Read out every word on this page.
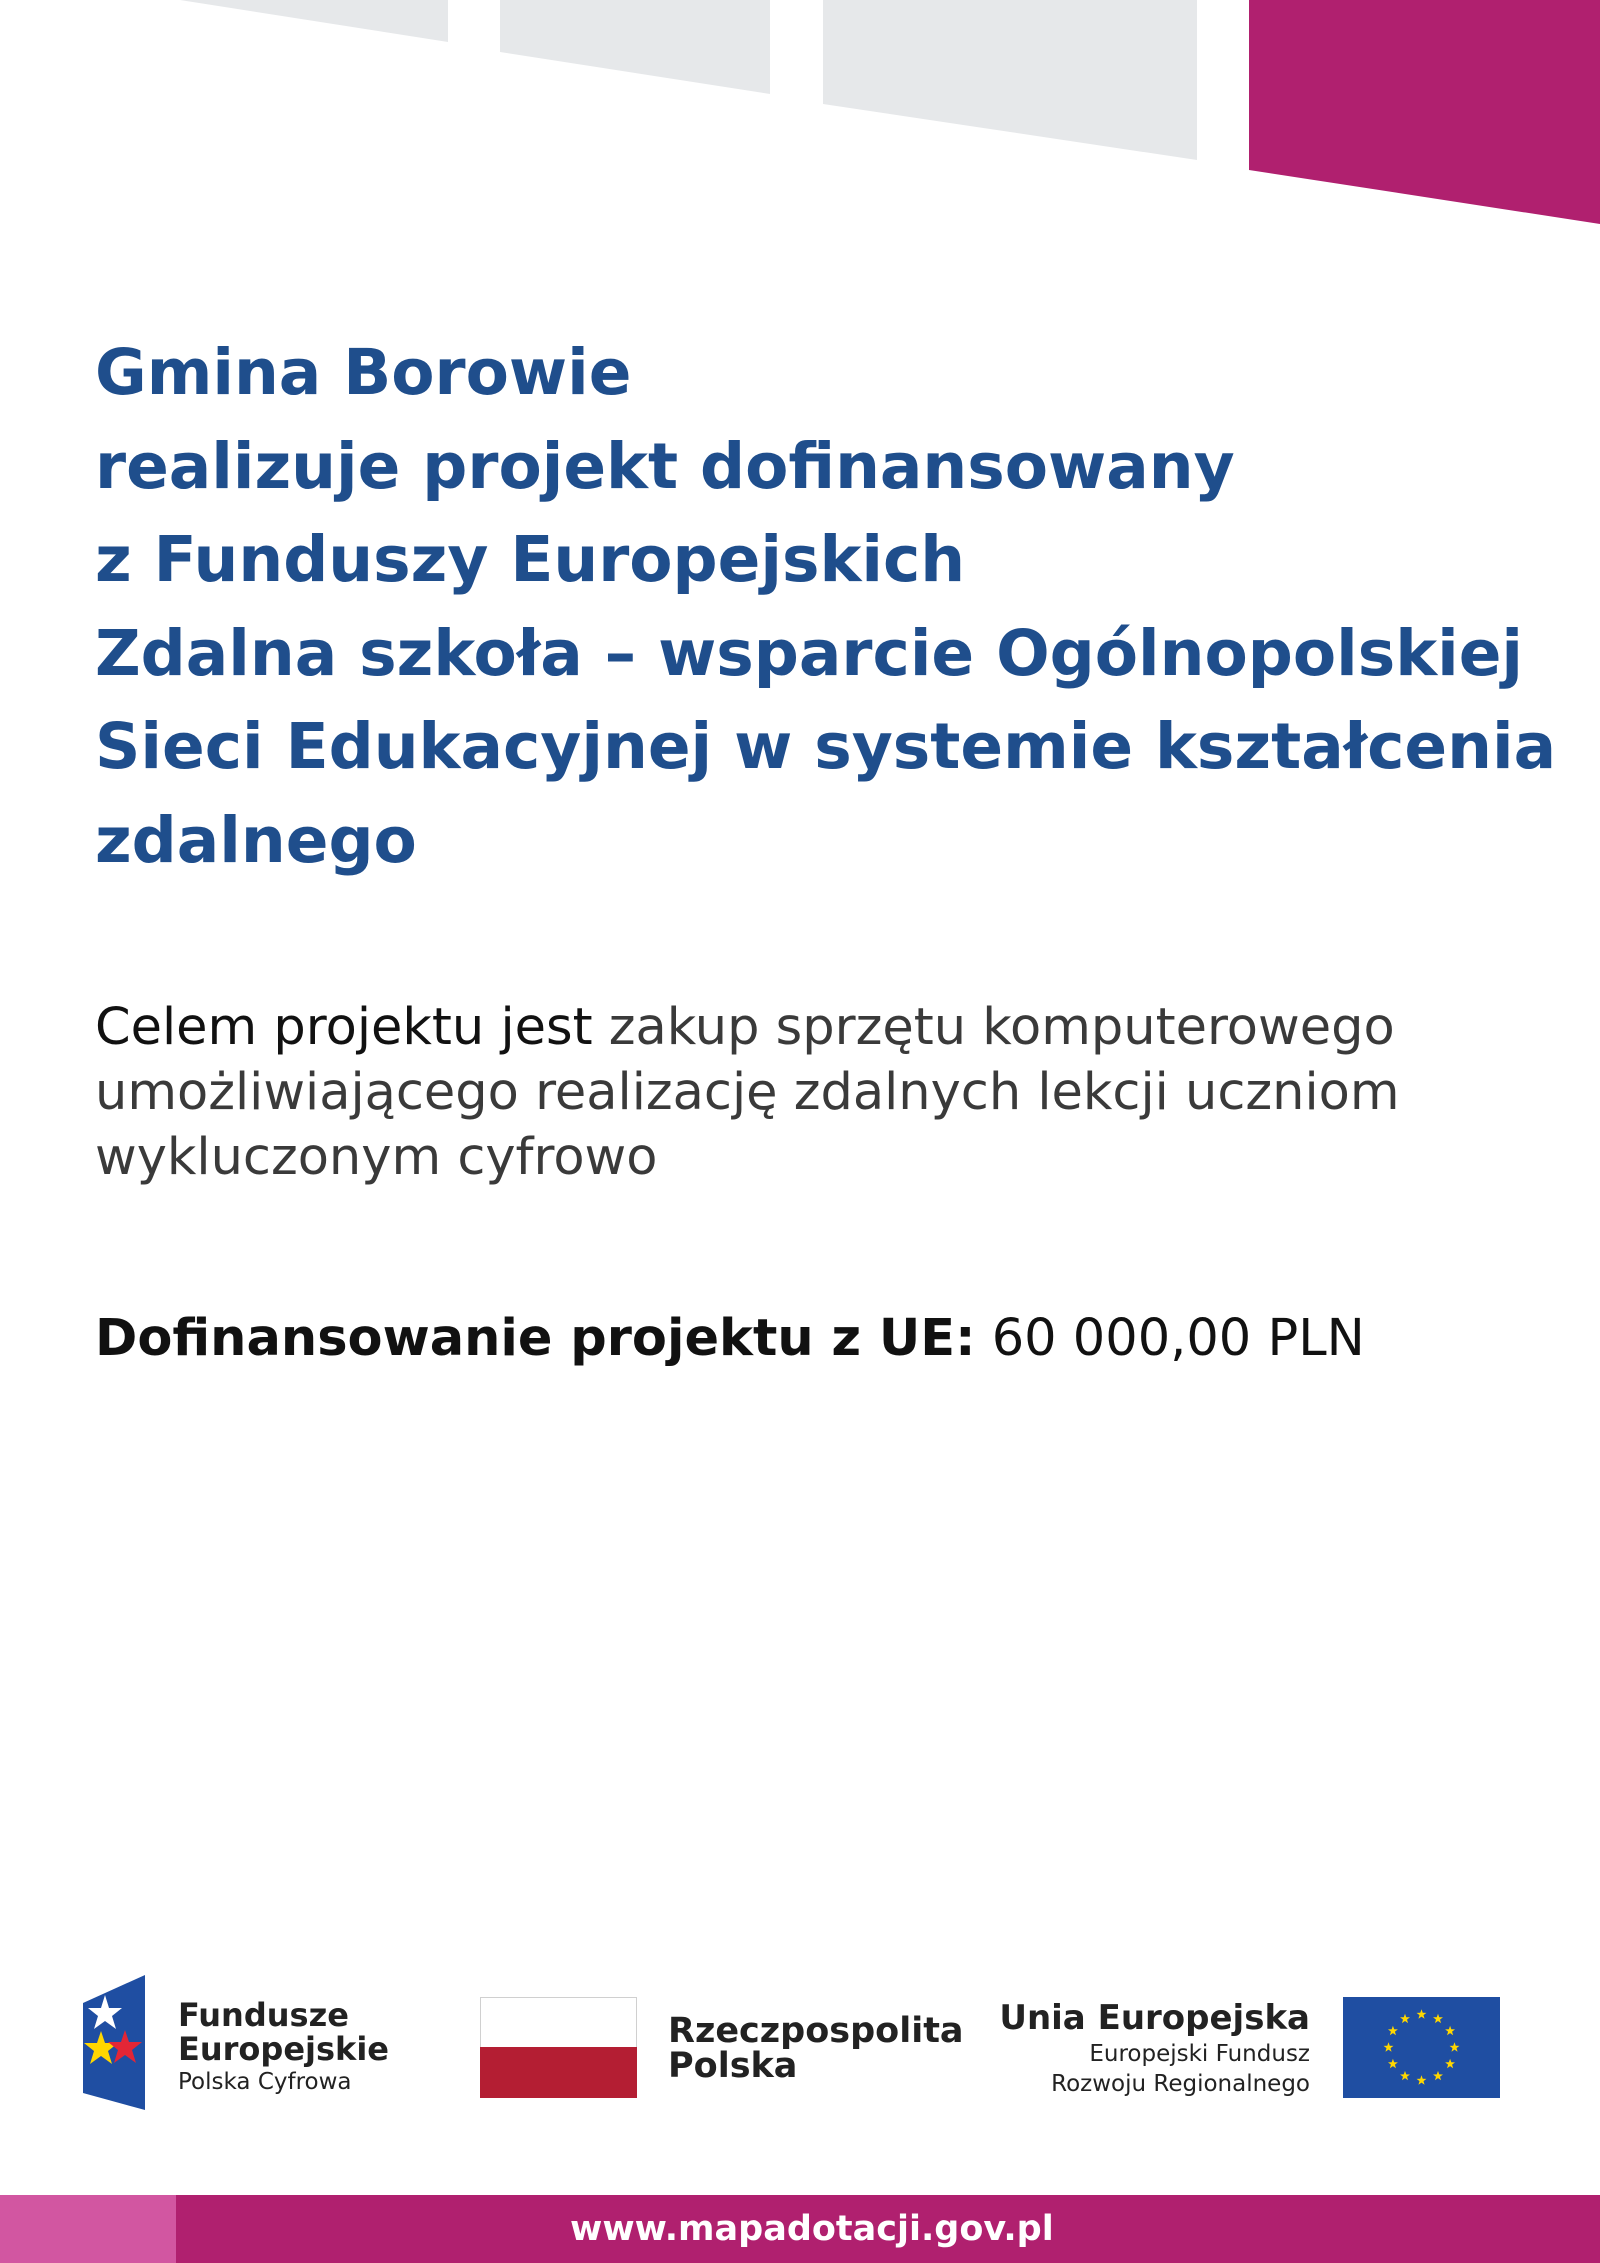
Gmina Borowie
realizuje projekt dofinansowany
z Funduszy Europejskich
Zdalna szkoła – wsparcie Ogólnopolskiej
Sieci Edukacyjnej w systemie kształcenia
zdalnego
Celem projektu jest zakup sprzętu komputerowego umożliwiającego realizację zdalnych lekcji uczniom wykluczonym cyfrowo
Dofinansowanie projektu z UE: 60 000,00 PLN
Fundusze
Europejskie
Polska Cyfrowa
Rzeczpospolita
Polska
Unia Europejska
Europejski Fundusz
Rozwoju Regionalnego
www.mapadotacji.gov.pl
